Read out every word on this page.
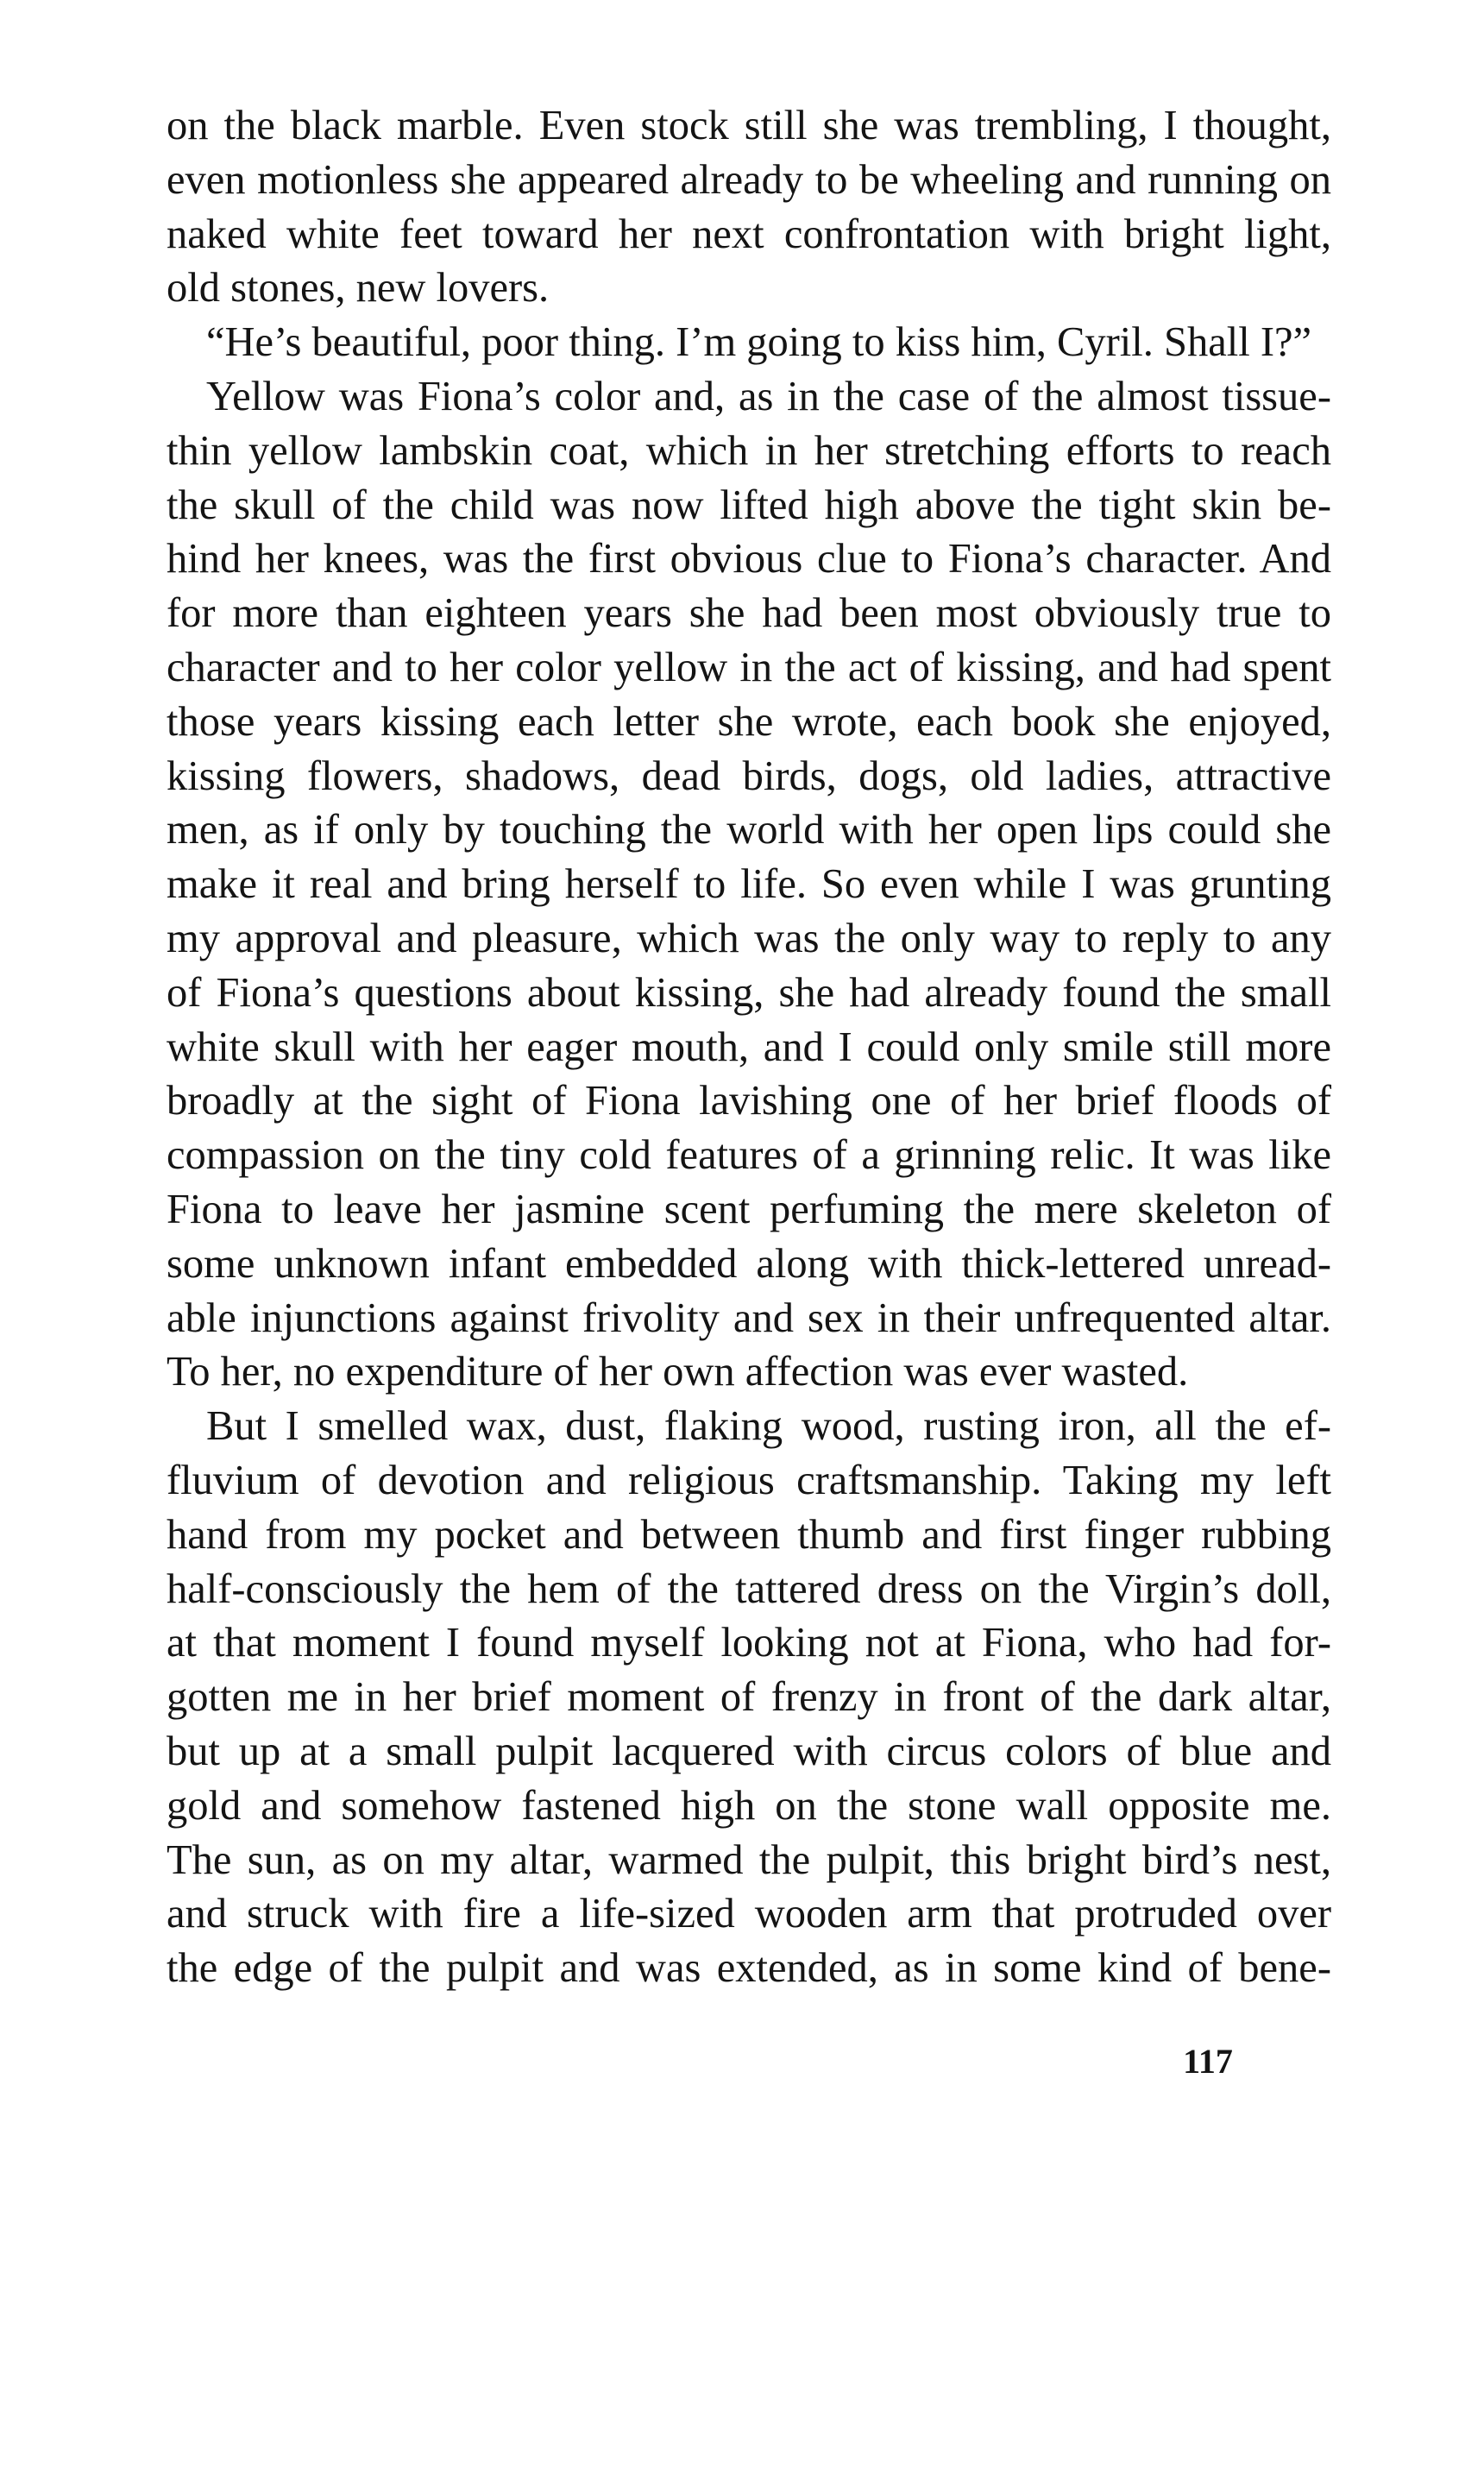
on the black marble. Even stock still she was trembling, I thought,
even motionless she appeared already to be wheeling and running on
naked white feet toward her next confrontation with bright light,
old stones, new lovers.
“He’s beautiful, poor thing. I’m going to kiss him, Cyril. Shall I?”
Yellow was Fiona’s color and, as in the case of the almost tissue-
thin yellow lambskin coat, which in her stretching efforts to reach
the skull of the child was now lifted high above the tight skin be-
hind her knees, was the first obvious clue to Fiona’s character. And
for more than eighteen years she had been most obviously true to
character and to her color yellow in the act of kissing, and had spent
those years kissing each letter she wrote, each book she enjoyed,
kissing flowers, shadows, dead birds, dogs, old ladies, attractive
men, as if only by touching the world with her open lips could she
make it real and bring herself to life. So even while I was grunting
my approval and pleasure, which was the only way to reply to any
of Fiona’s questions about kissing, she had already found the small
white skull with her eager mouth, and I could only smile still more
broadly at the sight of Fiona lavishing one of her brief floods of
compassion on the tiny cold features of a grinning relic. It was like
Fiona to leave her jasmine scent perfuming the mere skeleton of
some unknown infant embedded along with thick-lettered unread-
able injunctions against frivolity and sex in their unfrequented altar.
To her, no expenditure of her own affection was ever wasted.
But I smelled wax, dust, flaking wood, rusting iron, all the ef-
fluvium of devotion and religious craftsmanship. Taking my left
hand from my pocket and between thumb and first finger rubbing
half-consciously the hem of the tattered dress on the Virgin’s doll,
at that moment I found myself looking not at Fiona, who had for-
gotten me in her brief moment of frenzy in front of the dark altar,
but up at a small pulpit lacquered with circus colors of blue and
gold and somehow fastened high on the stone wall opposite me.
The sun, as on my altar, warmed the pulpit, this bright bird’s nest,
and struck with fire a life-sized wooden arm that protruded over
the edge of the pulpit and was extended, as in some kind of bene-
117
